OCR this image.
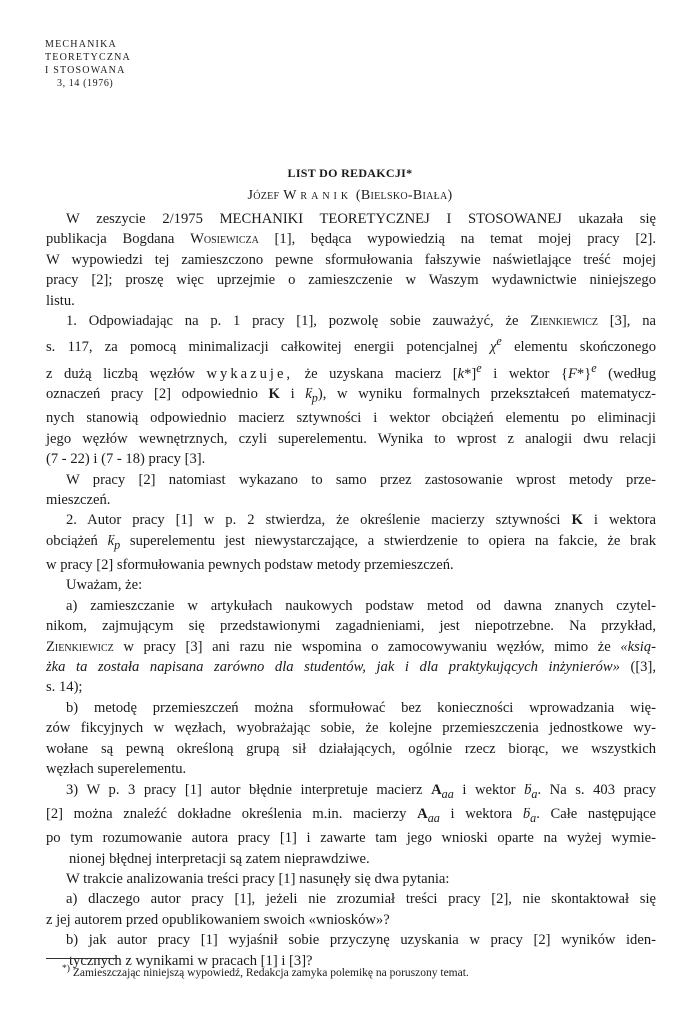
MECHANIKA
TEORETYCZNA
I STOSOWANA
3, 14 (1976)
LIST DO REDAKCJI*
Józef Wranik (Bielsko-Biała)
W zeszycie 2/1975 MECHANIKI TEORETYCZNEJ I STOSOWANEJ ukazała się
publikacja Bogdana Wosiewicza [1], będąca wypowiedzią na temat mojej pracy [2].
W wypowiedzi tej zamieszczono pewne sformułowania fałszywie naświetlające treść mojej
pracy [2]; proszę więc uprzejmie o zamieszczenie w Waszym wydawnictwie niniejszego
listu.
1. Odpowiadając na p. 1 pracy [1], pozwolę sobie zauważyć, że Zienkiewicz [3], na
s. 117, za pomocą minimalizacji całkowitej energii potencjalnej $\chi^e$ elementu skończonego
z dużą liczbą węzłów wykazuje, że uzyskana macierz $[k*]^e$ i wektor $\{F*\}^e$ (według
oznaczeń pracy [2] odpowiednio K $i \to k_p$), w wyniku formalnych przekształceń matematycz-
nych stanowią odpowiednio macierz sztywności i wektor obciążeń elementu po eliminacji
jego węzłów wewnętrznych, czyli superelementu. Wynika to wprost z analogii dwu relacji
(7 - 22) i (7 - 18) pracy [3].
W pracy [2] natomiast wykazano to samo przez zastosowanie wprost metody prze-
mieszczeń.
2. Autor pracy [1] w p. 2 stwierdza, że określenie macierzy sztywności K i wektora
obciążeń → $k_p$ superelementu jest niewystarczające, a stwierdzenie to opiera na fakcie, że brak
w pracy [2] sformułowania pewnych podstaw metody przemieszczeń.
Uważam, że:
a) zamieszczanie w artykułach naukowych podstaw metod od dawna znanych czytel-
nikom, zajmującym się przedstawionymi zagadnieniami, jest niepotrzebne. Na przykład,
Zienkiewicz w pracy [3] ani razu nie wspomina o zamocowywaniu węzłów, mimo że «ksią-
żka ta została napisana zarówno dla studentów, jak i dla praktykujących inżynierów» ([3],
s. 14);
b) metodę przemieszczeń można sformułować bez konieczności wprowadzania wię-
zów fikcyjnych w węzłach, wyobrażając sobie, że kolejne przemieszczenia jednostkowe wy-
wołane są pewną określoną grupą sił działających, ogólnie rzecz biorąc, we wszystkich
węzłach superelementu.
3) W p. 3 pracy [1] autor błędnie interpretuje macierz $A_{aa}$ i wektor → $b_a$. Na s. 403 pracy
[2] można znaleźć dokładne określenia m.in. macierzy $A_{aa}$ i wektora → $b_a$. Całe następujące
po tym rozumowanie autora pracy [1] i zawarte tam jego wnioski oparte na wyżej wymie-
nionej błędnej interpretacji są zatem nieprawdziwe.
W trakcie analizowania treści pracy [1] nasunęły się dwa pytania:
a) dlaczego autor pracy [1], jeżeli nie zrozumiał treści pracy [2], nie skontaktował się
z jej autorem przed opublikowaniem swoich «wniosków»?
b) jak autor pracy [1] wyjaśnił sobie przyczynę uzyskania w pracy [2] wyników iden-
tycznych z wynikami w pracach [1] i [3]?
*) Zamieszczając niniejszą wypowiedź, Redakcja zamyka polemikę na poruszony temat.
